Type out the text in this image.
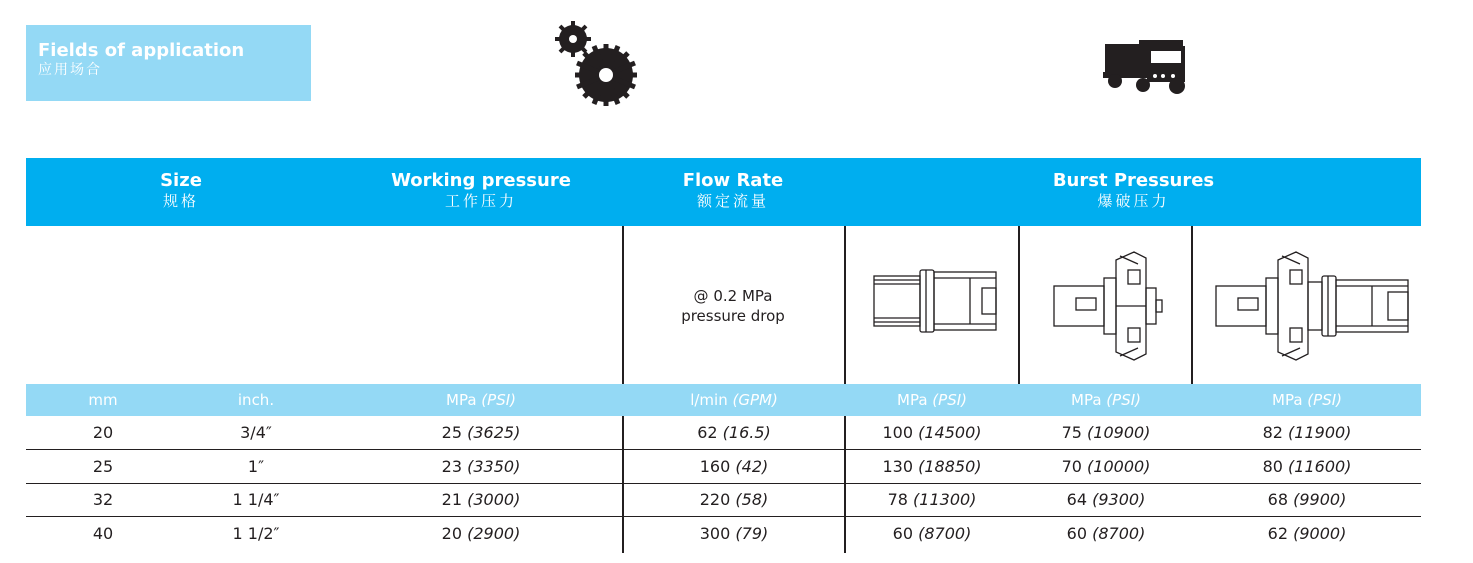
Fields of application
应用场合
Size
规格
Working pressure
工作压力
Flow Rate
额定流量
Burst Pressures
爆破压力
@ 0.2 MPa
pressure drop
mm	inch.	MPa (PSI)	l/min (GPM)	MPa (PSI)	MPa (PSI)	MPa (PSI)
20	3/4″	25 (3625)	62 (16.5)	100 (14500)	75 (10900)	82 (11900)
25	1″	23 (3350)	160 (42)	130 (18850)	70 (10000)	80 (11600)
32	1 1/4″	21 (3000)	220 (58)	78 (11300)	64 (9300)	68 (9900)
40	1 1/2″	20 (2900)	300 (79)	60 (8700)	60 (8700)	62 (9000)
